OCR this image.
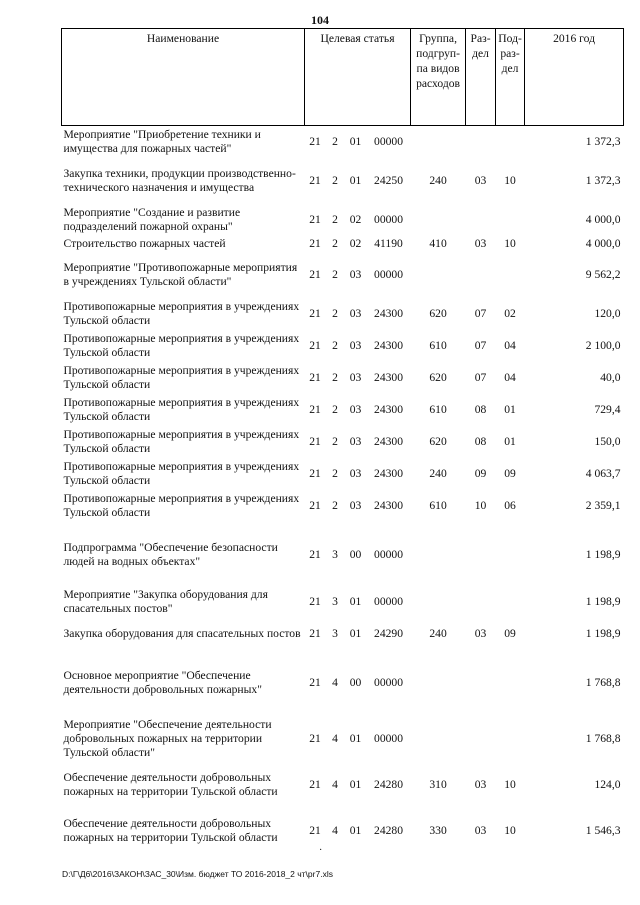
104
Наименование	Целевая статья				Группа, подгруп-па видов расходов	Раз-дел	Под-раз-дел	2016 год
Мероприятие "Приобретение техники и имущества для пожарных частей"	21	2	01	00000				1 372,3
Закупка техники, продукции производственно-технического назначения и имущества	21	2	01	24250	240	03	10	1 372,3
Мероприятие "Создание и развитие подразделений пожарной охраны"	21	2	02	00000				4 000,0
Строительство пожарных частей	21	2	02	41190	410	03	10	4 000,0
Мероприятие "Противопожарные мероприятия в учреждениях Тульской области"	21	2	03	00000				9 562,2
Противопожарные мероприятия в учреждениях Тульской области	21	2	03	24300	620	07	02	120,0
Противопожарные мероприятия в учреждениях Тульской области	21	2	03	24300	610	07	04	2 100,0
Противопожарные мероприятия в учреждениях Тульской области	21	2	03	24300	620	07	04	40,0
Противопожарные мероприятия в учреждениях Тульской области	21	2	03	24300	610	08	01	729,4
Противопожарные мероприятия в учреждениях Тульской области	21	2	03	24300	620	08	01	150,0
Противопожарные мероприятия в учреждениях Тульской области	21	2	03	24300	240	09	09	4 063,7
Противопожарные мероприятия в учреждениях Тульской области	21	2	03	24300	610	10	06	2 359,1
Подпрограмма "Обеспечение безопасности людей на водных объектах"	21	3	00	00000				1 198,9
Мероприятие "Закупка оборудования для спасательных постов"	21	3	01	00000				1 198,9
Закупка оборудования для спасательных постов	21	3	01	24290	240	03	09	1 198,9
Основное мероприятие "Обеспечение деятельности добровольных пожарных"	21	4	00	00000				1 768,8
Мероприятие "Обеспечение деятельности добровольных пожарных на территории Тульской области"	21	4	01	00000				1 768,8
Обеспечение деятельности добровольных пожарных на территории Тульской области	21	4	01	24280	310	03	10	124,0
Обеспечение деятельности добровольных пожарных на территории Тульской области	21	4	01	24280	330	03	10	1 546,3
·
D:\Г\Д6\2016\ЗАКОН\ЗАС_30\Изм. бюджет ТО 2016-2018_2 чт\pr7.xls
